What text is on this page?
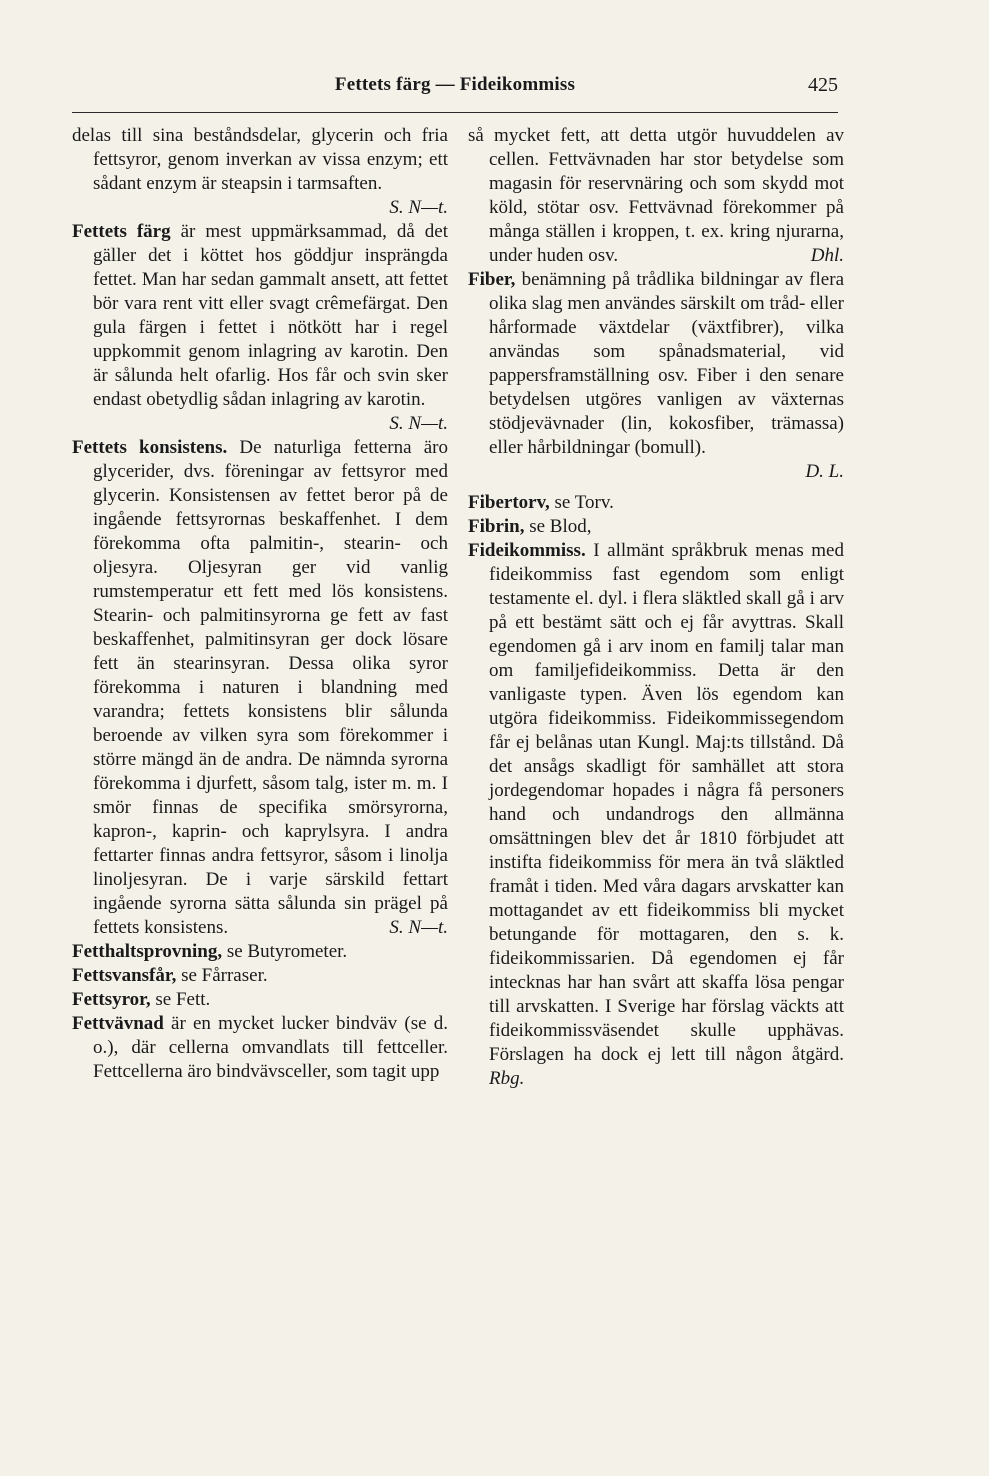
Fettets färg — Fideikommiss	425

delas till sina beståndsdelar, glycerin och fria fettsyror, genom inverkan av vissa enzym; ett sådant enzym är steapsin i tarmsaften.
S. N—t.

Fettets färg är mest uppmärksammad, då det gäller det i köttet hos göddjur insprängda fettet. Man har sedan gammalt ansett, att fettet bör vara rent vitt eller svagt crêmefärgat. Den gula färgen i fettet i nötkött har i regel uppkommit genom inlagring av karotin. Den är sålunda helt ofarlig. Hos får och svin sker endast obetydlig sådan inlagring av karotin.
S. N—t.

Fettets konsistens. De naturliga fetterna äro glycerider, dvs. föreningar av fettsyror med glycerin. Konsistensen av fettet beror på de ingående fettsyrornas beskaffenhet. I dem förekomma ofta palmitin-, stearin- och oljesyra. Oljesyran ger vid vanlig rumstemperatur ett fett med lös konsistens. Stearin- och palmitinsyrorna ge fett av fast beskaffenhet, palmitinsyran ger dock lösare fett än stearinsyran. Dessa olika syror förekomma i naturen i blandning med varandra; fettets konsistens blir sålunda beroende av vilken syra som förekommer i större mängd än de andra. De nämnda syrorna förekomma i djurfett, såsom talg, ister m. m. I smör finnas de specifika smörsyrorna, kapron-, kaprin- och kaprylsyra. I andra fettarter finnas andra fettsyror, såsom i linolja linoljesyran. De i varje särskild fettart ingående syrorna sätta sålunda sin prägel på fettets konsistens.	S. N—t.

Fetthaltsprovning, se Butyrometer.

Fettsvansfår, se Fårraser.

Fettsyror, se Fett.

Fettvävnad är en mycket lucker bindväv (se d. o.), där cellerna omvandlats till fettceller. Fettcellerna äro bindvävsceller, som tagit upp

så mycket fett, att detta utgör huvuddelen av cellen. Fettvävnaden har stor betydelse som magasin för reservnäring och som skydd mot köld, stötar osv. Fettvävnad förekommer på många ställen i kroppen, t. ex. kring njurarna, under huden osv.	Dhl.

Fiber, benämning på trådlika bildningar av flera olika slag men användes särskilt om tråd- eller hårformade växtdelar (växtfibrer), vilka användas som spånadsmaterial, vid pappersframställning osv. Fiber i den senare betydelsen utgöres vanligen av växternas stödjevävnader (lin, kokosfiber, trämassa) eller hårbildningar (bomull).
D. L.

Fibertorv, se Torv.

Fibrin, se Blod,

Fideikommiss. I allmänt språkbruk menas med fideikommiss fast egendom som enligt testamente el. dyl. i flera släktled skall gå i arv på ett bestämt sätt och ej får avyttras. Skall egendomen gå i arv inom en familj talar man om familjefideikommiss. Detta är den vanligaste typen. Även lös egendom kan utgöra fideikommiss. Fideikommissegendom får ej belånas utan Kungl. Maj:ts tillstånd. Då det ansågs skadligt för samhället att stora jordegendomar hopades i några få personers hand och undandrogs den allmänna omsättningen blev det år 1810 förbjudet att instifta fideikommiss för mera än två släktled framåt i tiden. Med våra dagars arvskatter kan mottagandet av ett fideikommiss bli mycket betungande för mottagaren, den s. k. fideikommissarien. Då egendomen ej får intecknas har han svårt att skaffa lösa pengar till arvskatten. I Sverige har förslag väckts att fideikommissväsendet skulle upphävas. Förslagen ha dock ej lett till någon åtgärd. Rbg.
